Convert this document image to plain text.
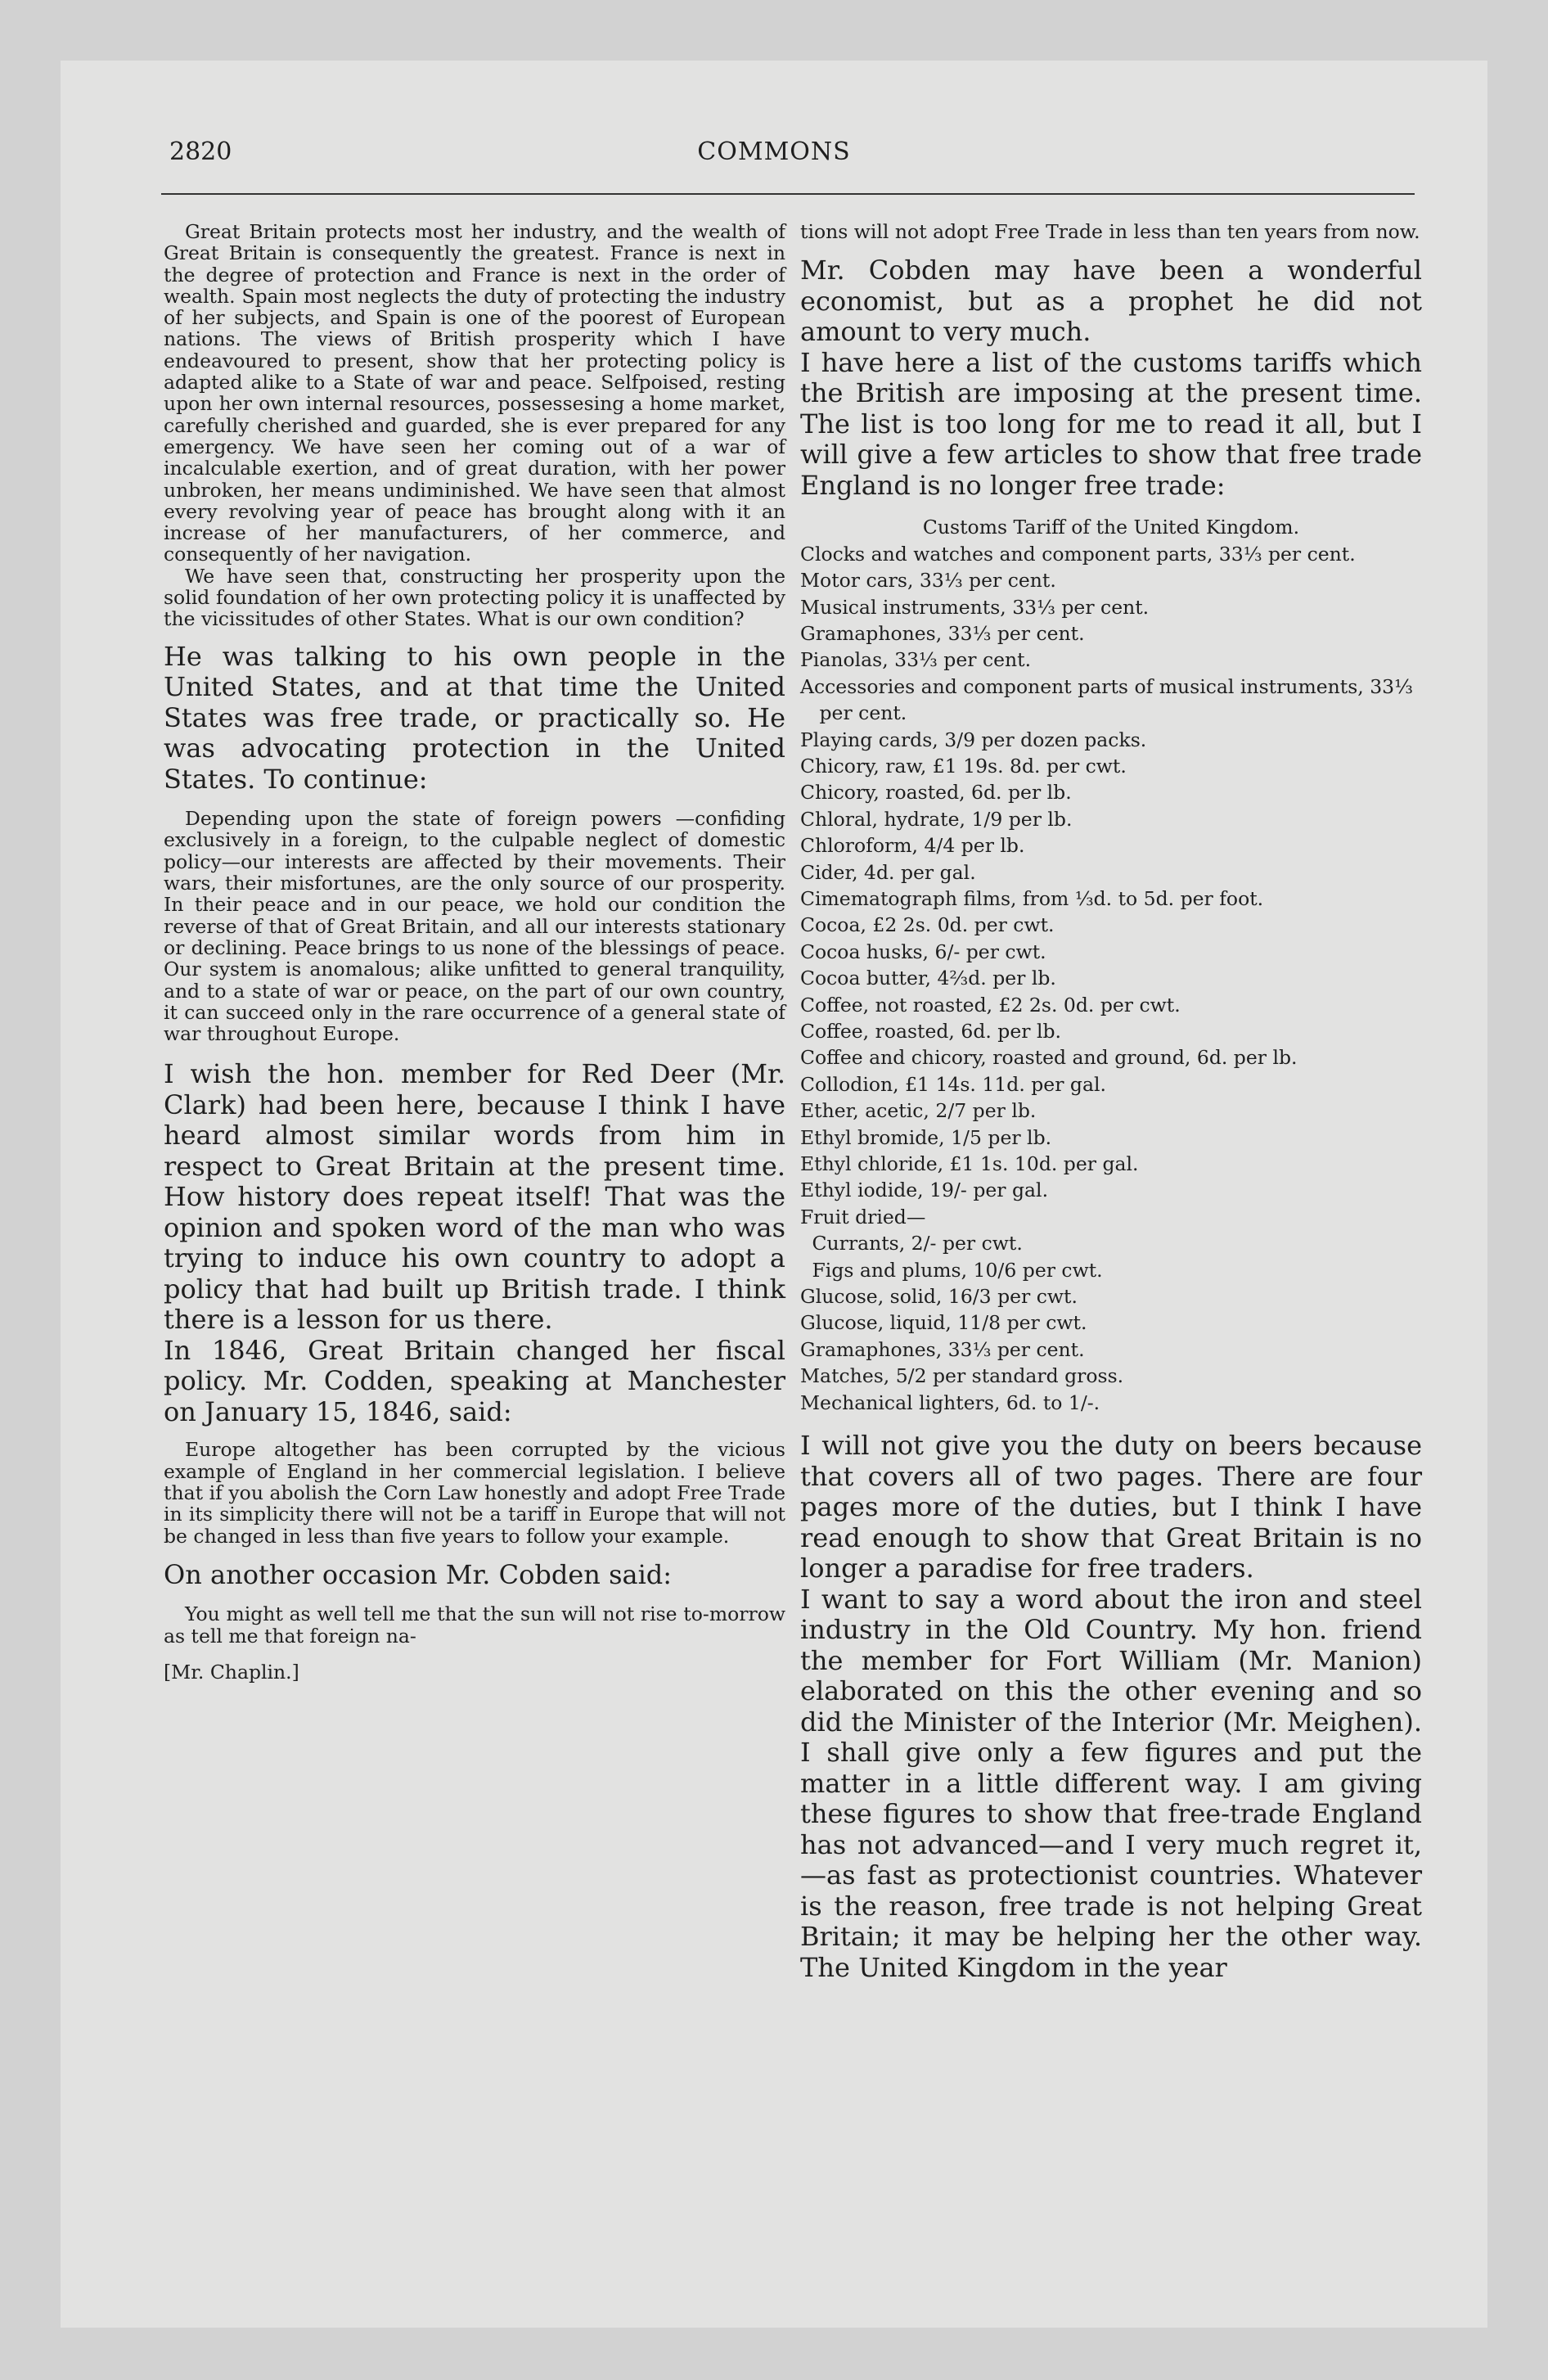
2820	COMMONS

Great Britain protects most her industry, and the wealth of Great Britain is consequently the greatest. France is next in the degree of protection and France is next in the order of wealth. Spain most neglects the duty of protecting the industry of her subjects, and Spain is one of the poorest of European nations. The views of British prosperity which I have endeavoured to present, show that her protecting policy is adapted alike to a State of war and peace. Selfpoised, resting upon her own internal resources, possessesing a home market, carefully cherished and guarded, she is ever prepared for any emergency. We have seen her coming out of a war of incalculable exertion, and of great duration, with her power unbroken, her means undiminished. We have seen that almost every revolving year of peace has brought along with it an increase of her manufacturers, of her commerce, and consequently of her navigation.

We have seen that, constructing her prosperity upon the solid foundation of her own protecting policy it is unaffected by the vicissitudes of other States. What is our own condition?

He was talking to his own people in the United States, and at that time the United States was free trade, or practically so. He was advocating protection in the United States. To continue:

Depending upon the state of foreign powers —confiding exclusively in a foreign, to the culpable neglect of domestic policy—our interests are affected by their movements. Their wars, their misfortunes, are the only source of our prosperity. In their peace and in our peace, we hold our condition the reverse of that of Great Britain, and all our interests stationary or declining. Peace brings to us none of the blessings of peace. Our system is anomalous; alike unfitted to general tranquility, and to a state of war or peace, on the part of our own country, it can succeed only in the rare occurrence of a general state of war throughout Europe.

I wish the hon. member for Red Deer (Mr. Clark) had been here, because I think I have heard almost similar words from him in respect to Great Britain at the present time. How history does repeat itself! That was the opinion and spoken word of the man who was trying to induce his own country to adopt a policy that had built up British trade. I think there is a lesson for us there.

In 1846, Great Britain changed her fiscal policy. Mr. Codden, speaking at Manchester on January 15, 1846, said:

Europe altogether has been corrupted by the vicious example of England in her commercial legislation. I believe that if you abolish the Corn Law honestly and adopt Free Trade in its simplicity there will not be a tariff in Europe that will not be changed in less than five years to follow your example.

On another occasion Mr. Cobden said:

You might as well tell me that the sun will not rise to-morrow as tell me that foreign na-

[Mr. Chaplin.]

tions will not adopt Free Trade in less than ten years from now.

Mr. Cobden may have been a wonderful economist, but as a prophet he did not amount to very much.

I have here a list of the customs tariffs which the British are imposing at the present time. The list is too long for me to read it all, but I will give a few articles to show that free trade England is no longer free trade:

Customs Tariff of the United Kingdom.
Clocks and watches and component parts, 33⅓ per cent.
Motor cars, 33⅓ per cent.
Musical instruments, 33⅓ per cent.
Gramaphones, 33⅓ per cent.
Pianolas, 33⅓ per cent.
Accessories and component parts of musical instruments, 33⅓ per cent.
Playing cards, 3/9 per dozen packs.
Chicory, raw, £1 19s. 8d. per cwt.
Chicory, roasted, 6d. per lb.
Chloral, hydrate, 1/9 per lb.
Chloroform, 4/4 per lb.
Cider, 4d. per gal.
Cimematograph films, from ⅓d. to 5d. per foot.
Cocoa, £2 2s. 0d. per cwt.
Cocoa husks, 6/- per cwt.
Cocoa butter, 4⅔d. per lb.
Coffee, not roasted, £2 2s. 0d. per cwt.
Coffee, roasted, 6d. per lb.
Coffee and chicory, roasted and ground, 6d. per lb.
Collodion, £1 14s. 11d. per gal.
Ether, acetic, 2/7 per lb.
Ethyl bromide, 1/5 per lb.
Ethyl chloride, £1 1s. 10d. per gal.
Ethyl iodide, 19/- per gal.
Fruit dried—
Currants, 2/- per cwt.
Figs and plums, 10/6 per cwt.
Glucose, solid, 16/3 per cwt.
Glucose, liquid, 11/8 per cwt.
Gramaphones, 33⅓ per cent.
Matches, 5/2 per standard gross.
Mechanical lighters, 6d. to 1/-.

I will not give you the duty on beers because that covers all of two pages. There are four pages more of the duties, but I think I have read enough to show that Great Britain is no longer a paradise for free traders.

I want to say a word about the iron and steel industry in the Old Country. My hon. friend the member for Fort William (Mr. Manion) elaborated on this the other evening and so did the Minister of the Interior (Mr. Meighen). I shall give only a few figures and put the matter in a little different way. I am giving these figures to show that free-trade England has not advanced—and I very much regret it,—as fast as protectionist countries. Whatever is the reason, free trade is not helping Great Britain; it may be helping her the other way. The United Kingdom in the year
